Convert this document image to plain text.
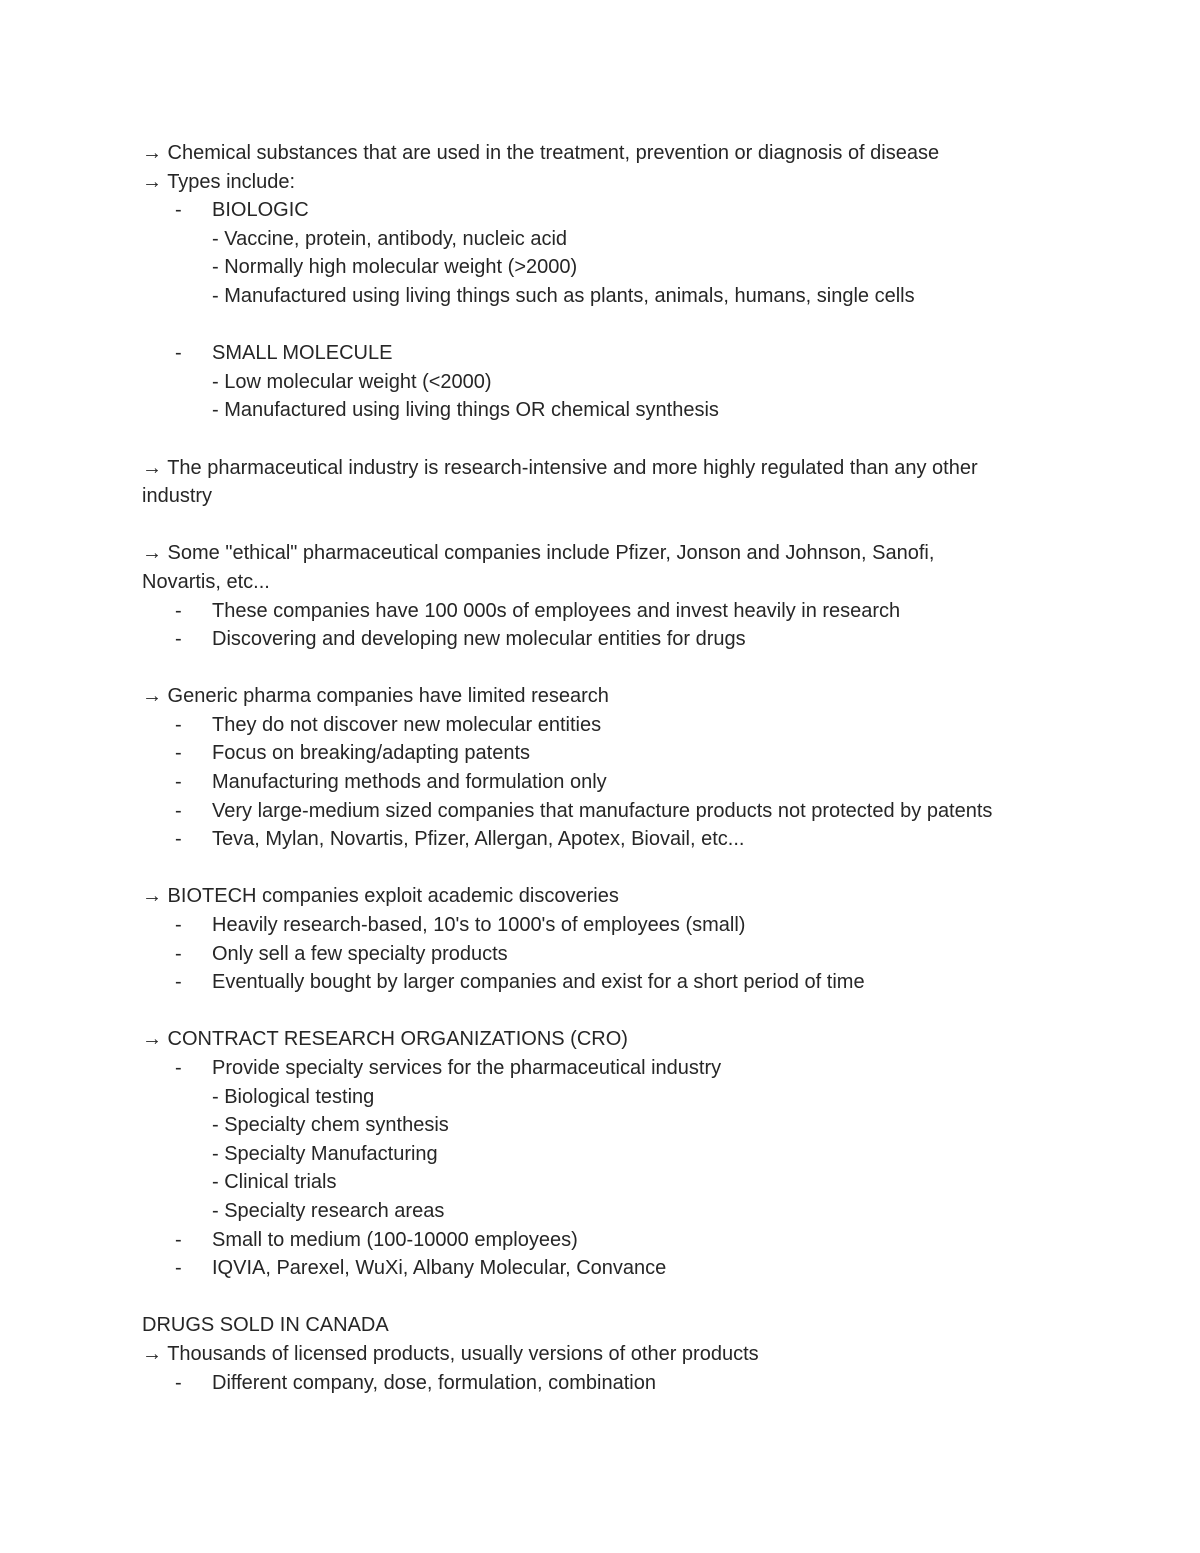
→ Chemical substances that are used in the treatment, prevention or diagnosis of disease
→ Types include:
- BIOLOGIC
- Vaccine, protein, antibody, nucleic acid
- Normally high molecular weight (>2000)
- Manufactured using living things such as plants, animals, humans, single cells
- SMALL MOLECULE
- Low molecular weight (<2000)
- Manufactured using living things OR chemical synthesis
→ The pharmaceutical industry is research-intensive and more highly regulated than any other
industry
→ Some "ethical" pharmaceutical companies include Pfizer, Jonson and Johnson, Sanofi,
Novartis, etc...
- These companies have 100 000s of employees and invest heavily in research
- Discovering and developing new molecular entities for drugs
→ Generic pharma companies have limited research
- They do not discover new molecular entities
- Focus on breaking/adapting patents
- Manufacturing methods and formulation only
- Very large-medium sized companies that manufacture products not protected by patents
- Teva, Mylan, Novartis, Pfizer, Allergan, Apotex, Biovail, etc...
→ BIOTECH companies exploit academic discoveries
- Heavily research-based, 10's to 1000's of employees (small)
- Only sell a few specialty products
- Eventually bought by larger companies and exist for a short period of time
→ CONTRACT RESEARCH ORGANIZATIONS (CRO)
- Provide specialty services for the pharmaceutical industry
- Biological testing
- Specialty chem synthesis
- Specialty Manufacturing
- Clinical trials
- Specialty research areas
- Small to medium (100-10000 employees)
- IQVIA, Parexel, WuXi, Albany Molecular, Convance
DRUGS SOLD IN CANADA
→ Thousands of licensed products, usually versions of other products
- Different company, dose, formulation, combination
